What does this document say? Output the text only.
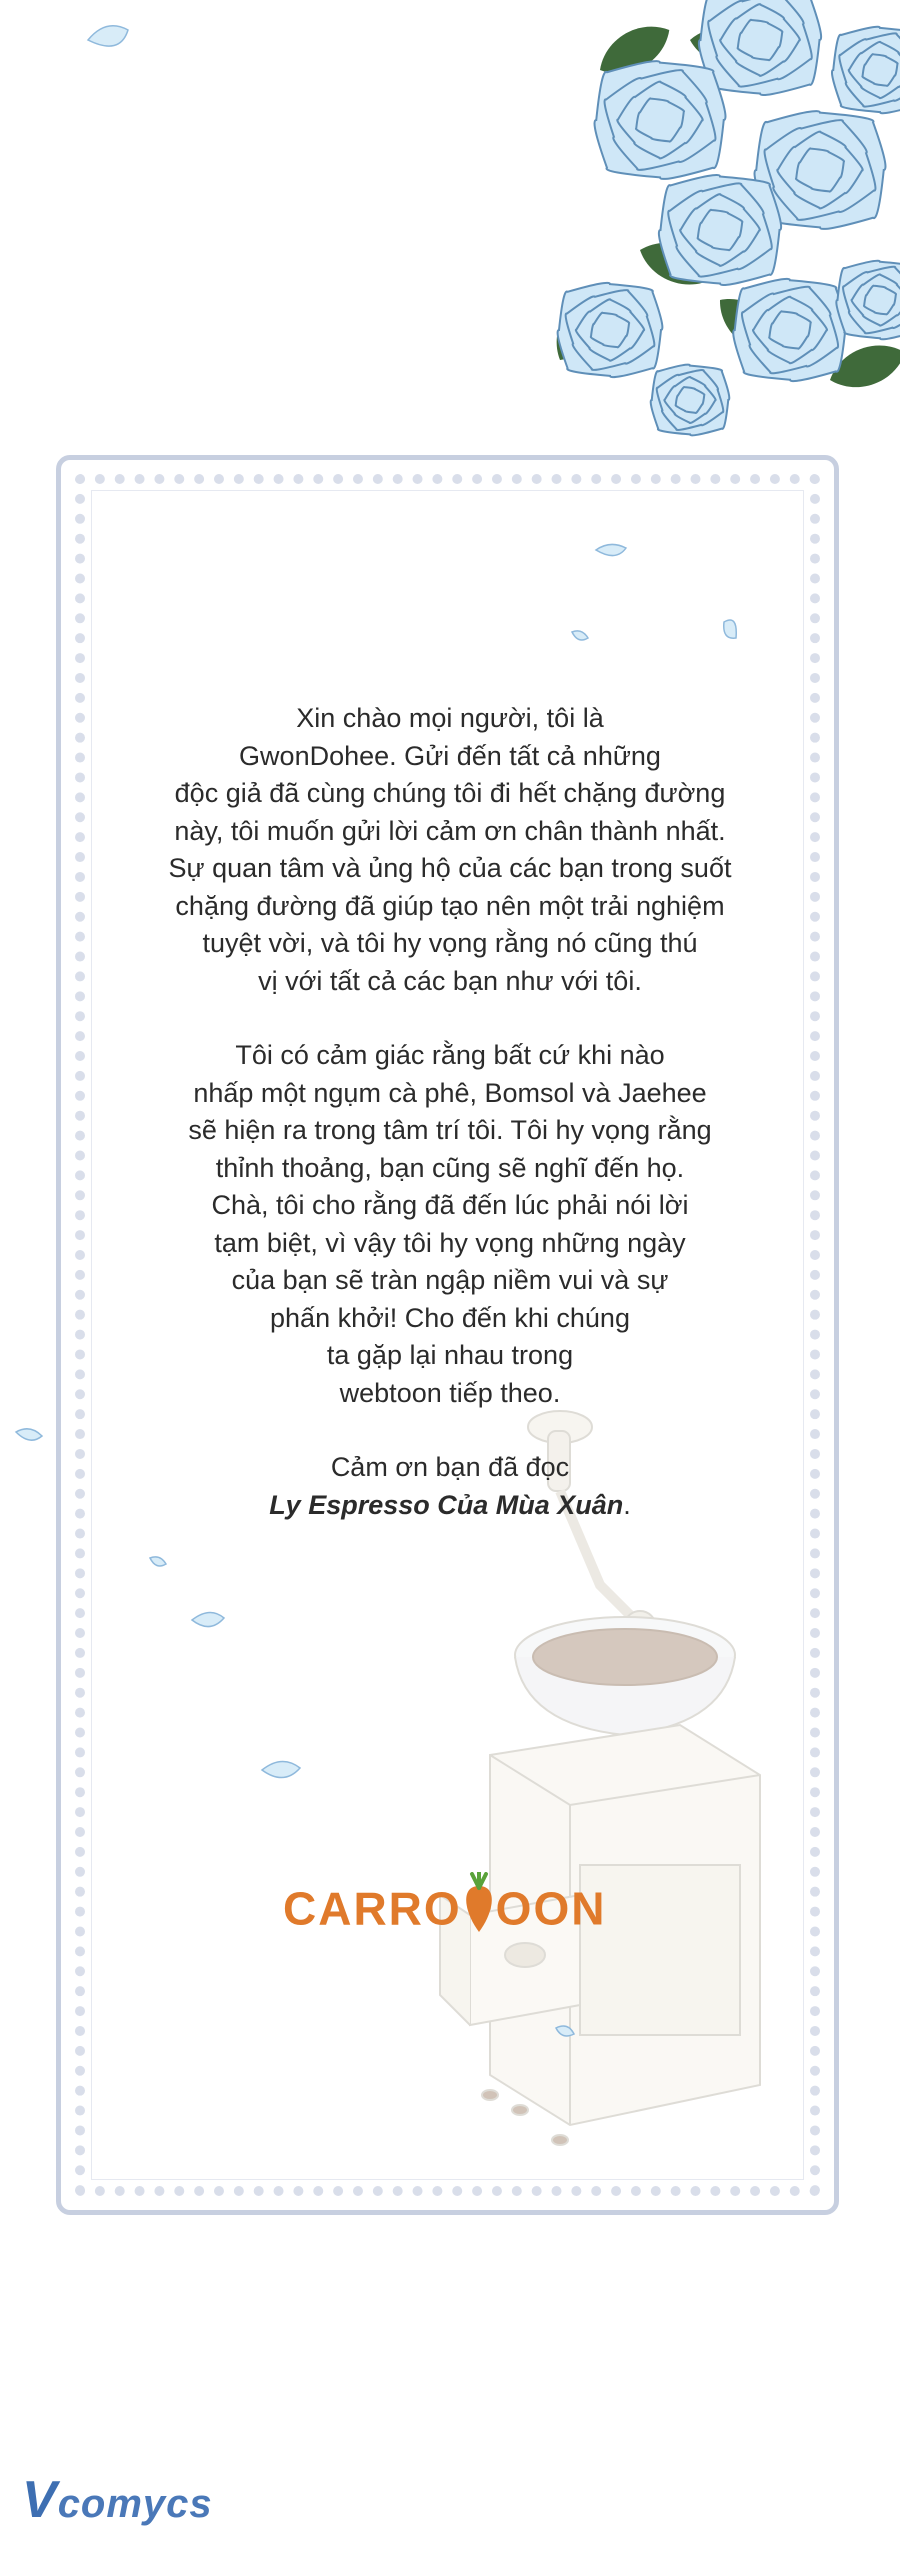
Xin chào mọi người, tôi là

GwonDohee. Gửi đến tất cả những

độc giả đã cùng chúng tôi đi hết chặng đường

này, tôi muốn gửi lời cảm ơn chân thành nhất.

Sự quan tâm và ủng hộ của các bạn trong suốt

chặng đường đã giúp tạo nên một trải nghiệm

tuyệt vời, và tôi hy vọng rằng nó cũng thú

vị với tất cả các bạn như với tôi.

Tôi có cảm giác rằng bất cứ khi nào

nhấp một ngụm cà phê, Bomsol và Jaehee

sẽ hiện ra trong tâm trí tôi. Tôi hy vọng rằng

thỉnh thoảng, bạn cũng sẽ nghĩ đến họ.

Chà, tôi cho rằng đã đến lúc phải nói lời

tạm biệt, vì vậy tôi hy vọng những ngày

của bạn sẽ tràn ngập niềm vui và sự

phấn khởi! Cho đến khi chúng

ta gặp lại nhau trong

webtoon tiếp theo.

Cảm ơn bạn đã đọc

Ly Espresso Của Mùa Xuân.

CARRO OON
Vcomycs
